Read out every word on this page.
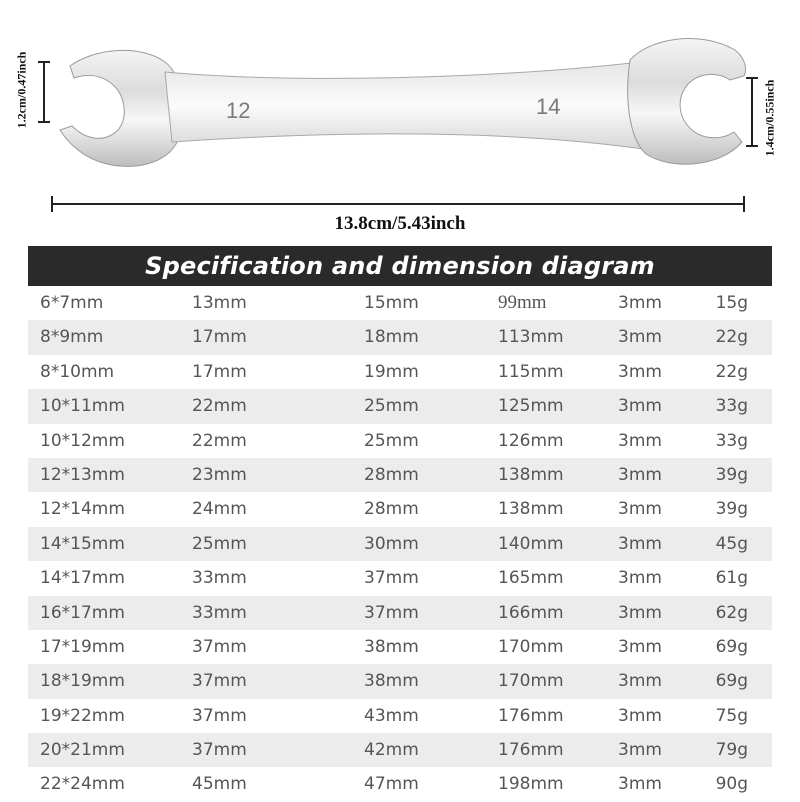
12	14
1.2cm/0.47inch	1.4cm/0.55inch
13.8cm/5.43inch
Specification and dimension diagram
6*7mm	13mm	15mm	99mm	3mm	15g
8*9mm	17mm	18mm	113mm	3mm	22g
8*10mm	17mm	19mm	115mm	3mm	22g
10*11mm	22mm	25mm	125mm	3mm	33g
10*12mm	22mm	25mm	126mm	3mm	33g
12*13mm	23mm	28mm	138mm	3mm	39g
12*14mm	24mm	28mm	138mm	3mm	39g
14*15mm	25mm	30mm	140mm	3mm	45g
14*17mm	33mm	37mm	165mm	3mm	61g
16*17mm	33mm	37mm	166mm	3mm	62g
17*19mm	37mm	38mm	170mm	3mm	69g
18*19mm	37mm	38mm	170mm	3mm	69g
19*22mm	37mm	43mm	176mm	3mm	75g
20*21mm	37mm	42mm	176mm	3mm	79g
22*24mm	45mm	47mm	198mm	3mm	90g
